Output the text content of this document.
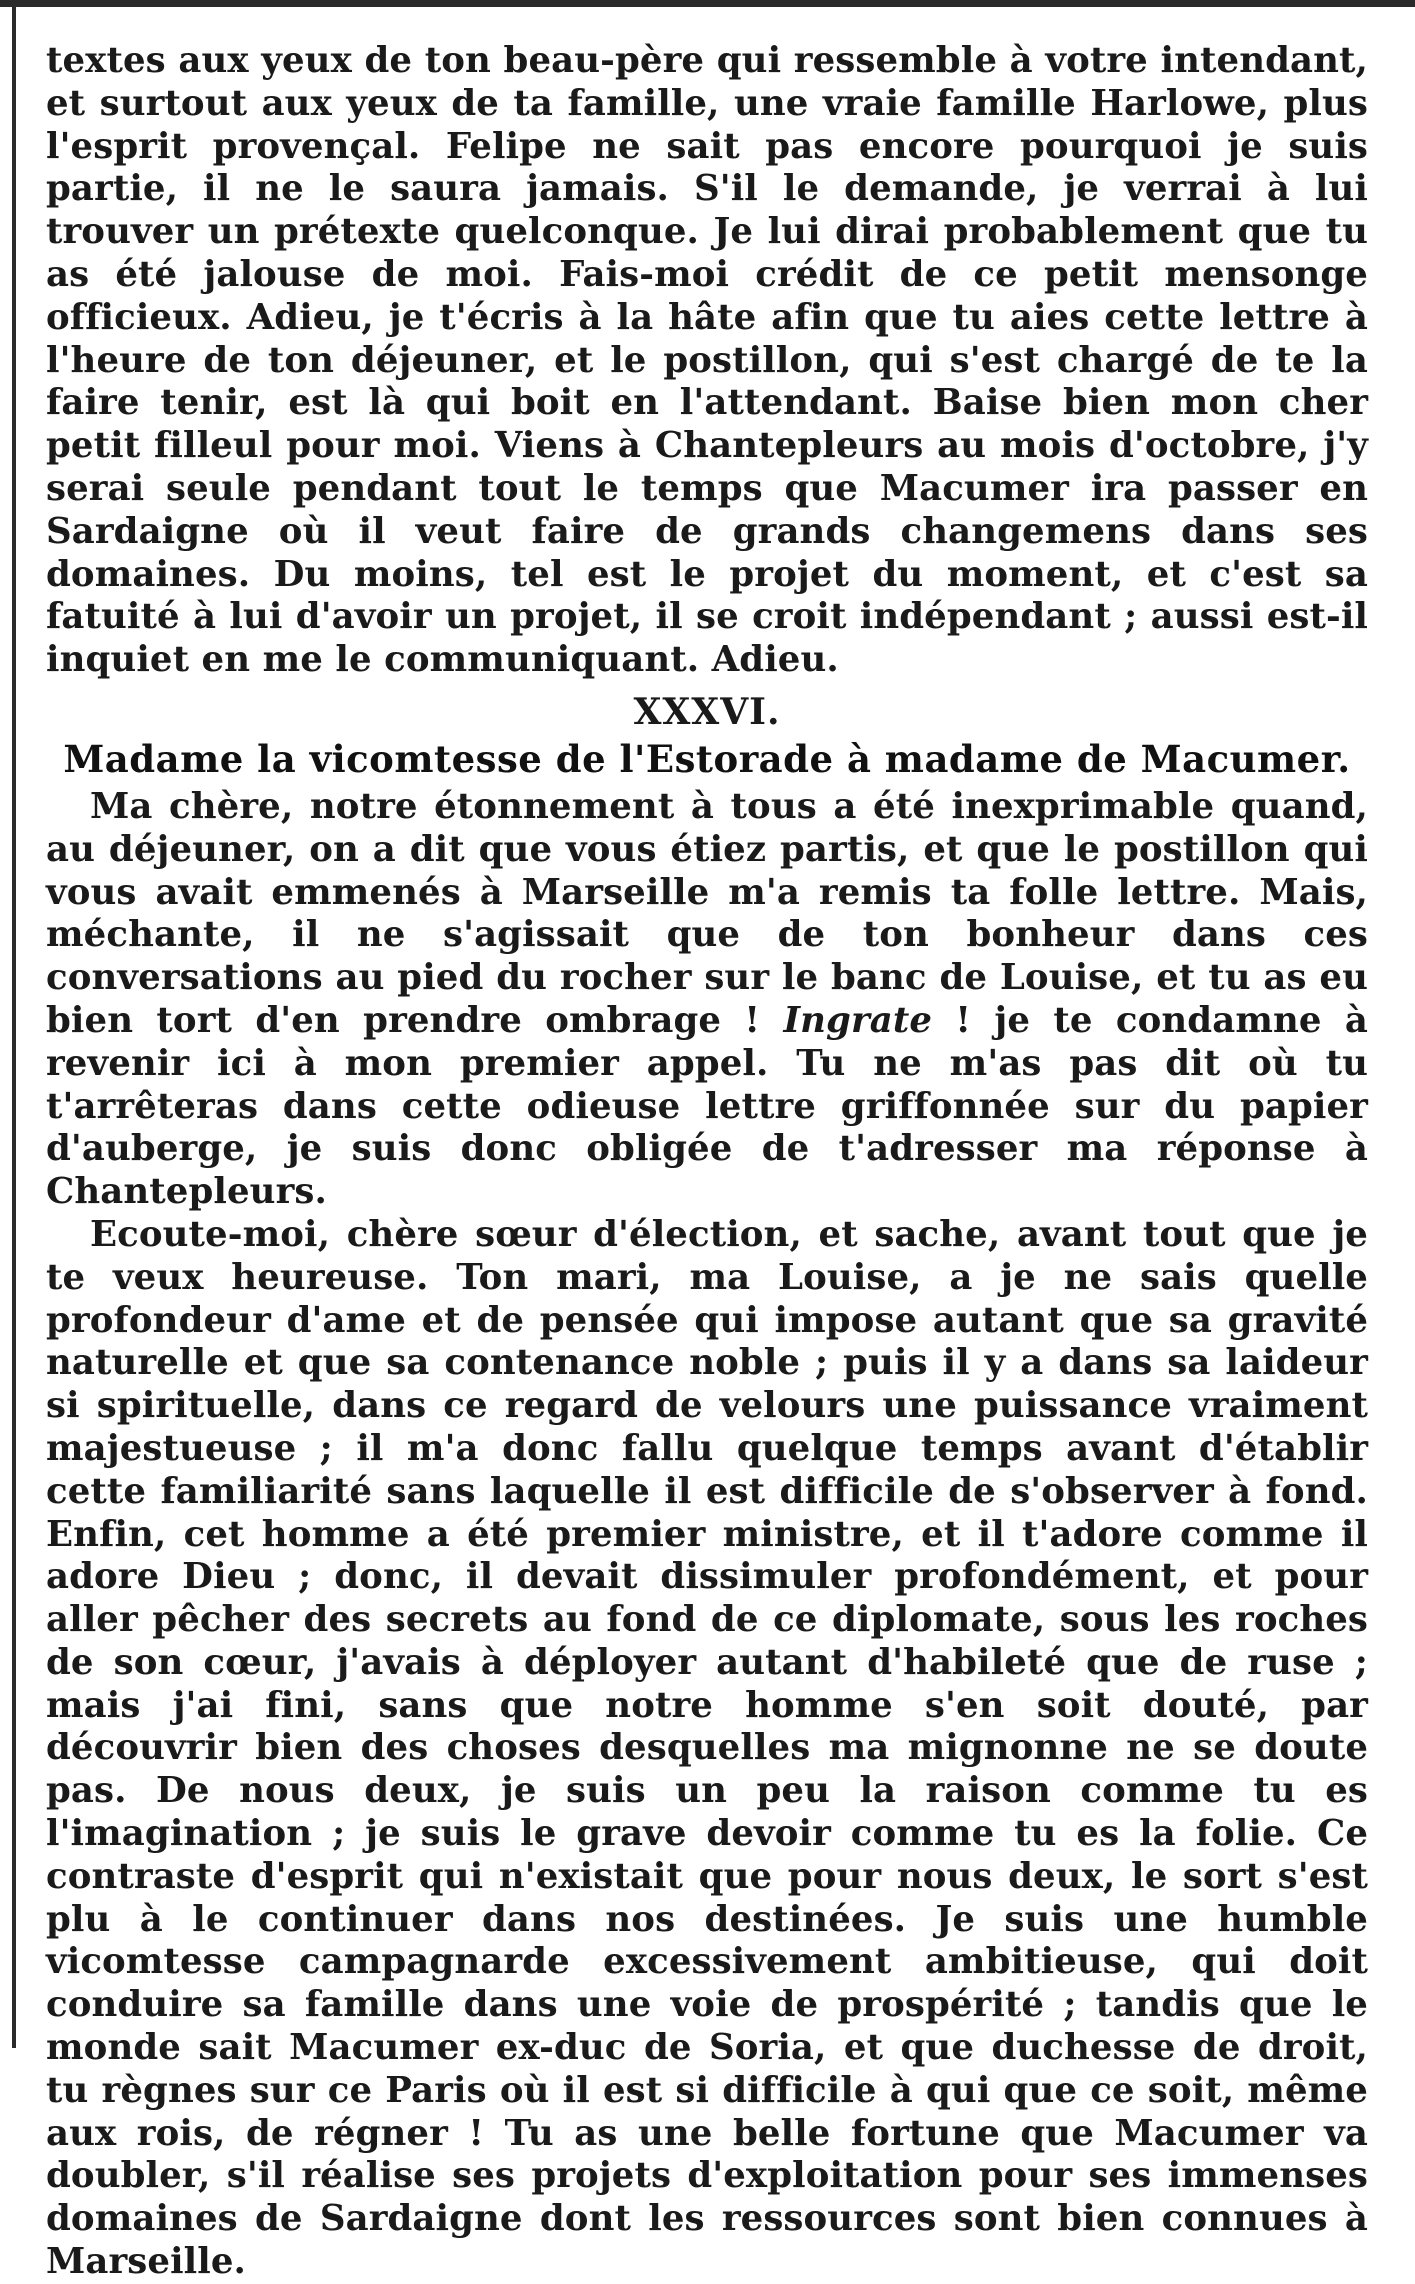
textes aux yeux de ton beau-père qui ressemble à votre intendant, et surtout aux yeux de ta famille, une vraie famille Harlowe, plus l'esprit provençal. Felipe ne sait pas encore pourquoi je suis partie, il ne le saura jamais. S'il le demande, je verrai à lui trouver un prétexte quelconque. Je lui dirai probablement que tu as été jalouse de moi. Fais-moi crédit de ce petit mensonge officieux. Adieu, je t'écris à la hâte afin que tu aies cette lettre à l'heure de ton déjeuner, et le postillon, qui s'est chargé de te la faire tenir, est là qui boit en l'attendant. Baise bien mon cher petit filleul pour moi. Viens à Chantepleurs au mois d'octobre, j'y serai seule pendant tout le temps que Macumer ira passer en Sardaigne où il veut faire de grands changemens dans ses domaines. Du moins, tel est le projet du moment, et c'est sa fatuité à lui d'avoir un projet, il se croit indépendant ; aussi est-il inquiet en me le communiquant. Adieu.

XXXVI.
Madame la vicomtesse de l'Estorade à madame de Macumer.

Ma chère, notre étonnement à tous a été inexprimable quand, au déjeuner, on a dit que vous étiez partis, et que le postillon qui vous avait emmenés à Marseille m'a remis ta folle lettre. Mais, méchante, il ne s'agissait que de ton bonheur dans ces conversations au pied du rocher sur le banc de Louise, et tu as eu bien tort d'en prendre ombrage ! Ingrate ! je te condamne à revenir ici à mon premier appel. Tu ne m'as pas dit où tu t'arrêteras dans cette odieuse lettre griffonnée sur du papier d'auberge, je suis donc obligée de t'adresser ma réponse à Chantepleurs.

Ecoute-moi, chère sœur d'élection, et sache, avant tout que je te veux heureuse. Ton mari, ma Louise, a je ne sais quelle profondeur d'ame et de pensée qui impose autant que sa gravité naturelle et que sa contenance noble ; puis il y a dans sa laideur si spirituelle, dans ce regard de velours une puissance vraiment majestueuse ; il m'a donc fallu quelque temps avant d'établir cette familiarité sans laquelle il est difficile de s'observer à fond. Enfin, cet homme a été premier ministre, et il t'adore comme il adore Dieu ; donc, il devait dissimuler profondément, et pour aller pêcher des secrets au fond de ce diplomate, sous les roches de son cœur, j'avais à déployer autant d'habileté que de ruse ; mais j'ai fini, sans que notre homme s'en soit douté, par découvrir bien des choses desquelles ma mignonne ne se doute pas. De nous deux, je suis un peu la raison comme tu es l'imagination ; je suis le grave devoir comme tu es la folie. Ce contraste d'esprit qui n'existait que pour nous deux, le sort s'est plu à le continuer dans nos destinées. Je suis une humble vicomtesse campagnarde excessivement ambitieuse, qui doit conduire sa famille dans une voie de prospérité ; tandis que le monde sait Macumer ex-duc de Soria, et que duchesse de droit, tu règnes sur ce Paris où il est si difficile à qui que ce soit, même aux rois, de régner ! Tu as une belle fortune que Macumer va doubler, s'il réalise ses projets d'exploitation pour ses immenses domaines de Sardaigne dont les ressources sont bien connues à Marseille.
